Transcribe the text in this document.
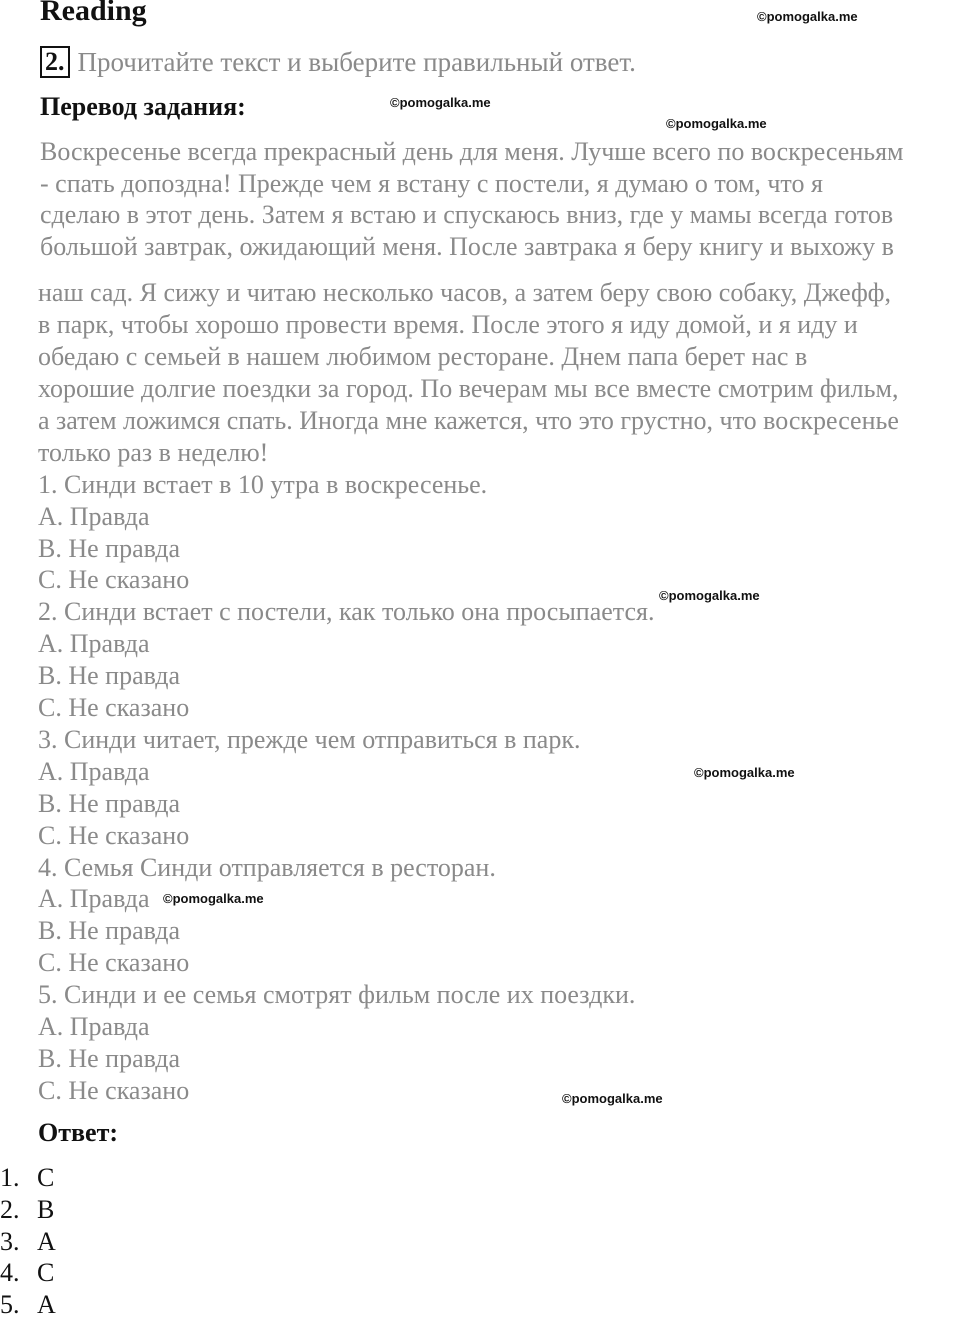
Reading	©pomogalka.me
©pomogalka.me
©pomogalka.me
©pomogalka.me
©pomogalka.me
©pomogalka.me
©pomogalka.me
2. Прочитайте текст и выберите правильный ответ.
Перевод задания:
Воскресенье всегда прекрасный день для меня. Лучше всего по воскресеньям
- спать допоздна! Прежде чем я встану с постели, я думаю о том, что я
сделаю в этот день. Затем я встаю и спускаюсь вниз, где у мамы всегда готов
большой завтрак, ожидающий меня. После завтрака я беру книгу и выхожу в
наш сад. Я сижу и читаю несколько часов, а затем беру свою собаку, Джефф,
в парк, чтобы хорошо провести время. После этого я иду домой, и я иду и
обедаю с семьей в нашем любимом ресторане. Днем папа берет нас в
хорошие долгие поездки за город. По вечерам мы все вместе смотрим фильм,
а затем ложимся спать. Иногда мне кажется, что это грустно, что воскресенье
только раз в неделю!
1. Синди встает в 10 утра в воскресенье.
A. Правда
B. Не правда
C. Не сказано
2. Синди встает с постели, как только она просыпается.
A. Правда
B. Не правда
C. Не сказано
3. Синди читает, прежде чем отправиться в парк.
A. Правда
B. Не правда
C. Не сказано
4. Семья Синди отправляется в ресторан.
A. Правда
B. Не правда
C. Не сказано
5. Синди и ее семья смотрят фильм после их поездки.
A. Правда
B. Не правда
C. Не сказано
Ответ:
1. C
2. B
3. A
4. C
5. A
